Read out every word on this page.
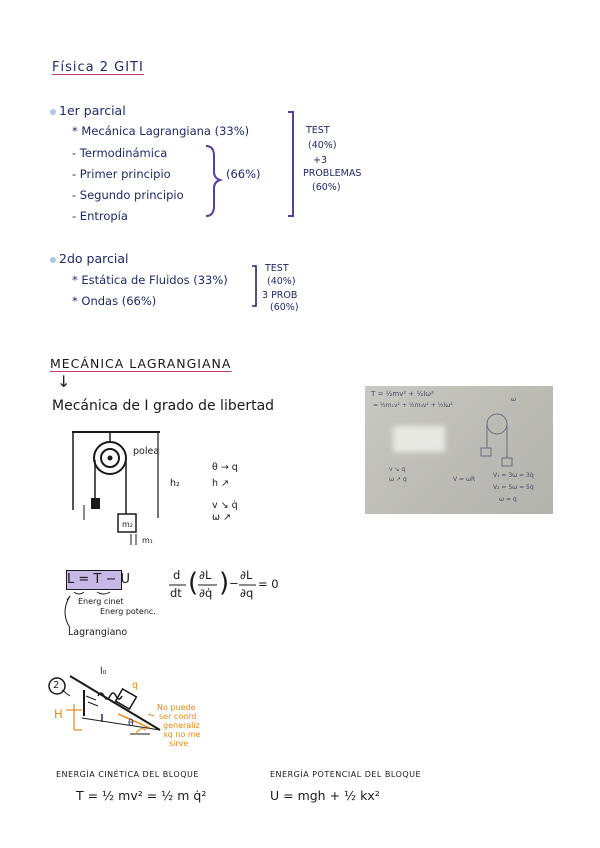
Física 2 GITI
1er parcial
* Mecánica Lagrangiana (33%)
- Termodinámica
- Primer principio
- Segundo principio
- Entropía
(66%)
TEST
(40%)
+3
PROBLEMAS
(60%)
2do parcial
* Estática de Fluidos (33%)
* Ondas (66%)
TEST
(40%)
3 PROB
(60%)
MECÁNICA LAGRANGIANA
↓
Mecánica de I grado de libertad
polea
h₂
m₁
m₂
θ → q
h ↗
v ↘ q̇
ω ↗
T = ½mv² + ½Iω²
= ½m₁v² + ½m₂v² + ½Iω²
ω
v ↘ q
ω ↗ q	V = ωR
V₁ = 3ω = 3q̇
V₂ = 5ω = 5q̇
ω = q̇
L = T − U
Energ cinet
Energ potenc.
Lagrangiano
d
dt ( ∂L
∂q̇ ) −
∂L
∂q
= 0
2
l₀
q
H
θ
No puede
ser coord
generaliz
xq no me
sirve
ENERGÍA CINÉTICA DEL BLOQUE
T = ½ mv² = ½ m q̇²
ENERGÍA POTENCIAL DEL BLOQUE
U = mgh + ½ kx²
